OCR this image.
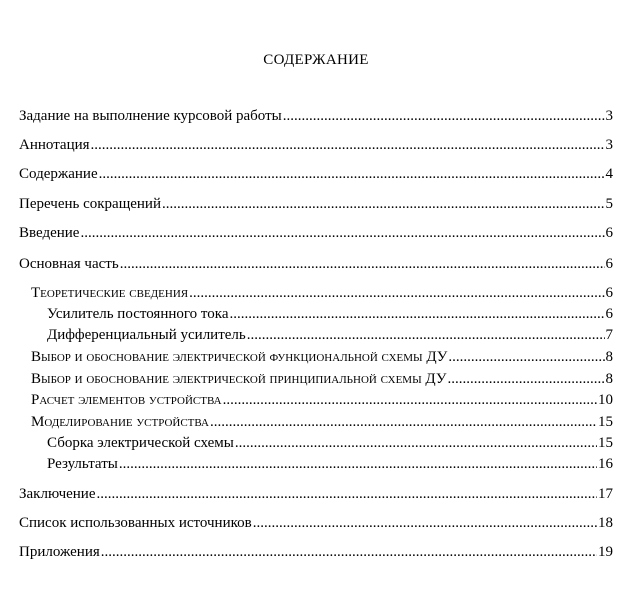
СОДЕРЖАНИЕ
Задание на выполнение курсовой работы .....	3
Аннотация .....	3
Содержание .....	4
Перечень сокращений .....	5
Введение .....	6
Основная часть .....	6
Теоретические сведения .....	6
Усилитель постоянного тока .....	6
Дифференциальный усилитель .....	7
Выбор и обоснование электрической функциональной схемы ДУ .....	8
Выбор и обоснование электрической принципиальной схемы ДУ .....	8
Расчет элементов устройства .....	10
Моделирование устройства .....	15
Сборка электрической схемы .....	15
Результаты .....	16
Заключение .....	17
Список использованных источников .....	18
Приложения .....	19
